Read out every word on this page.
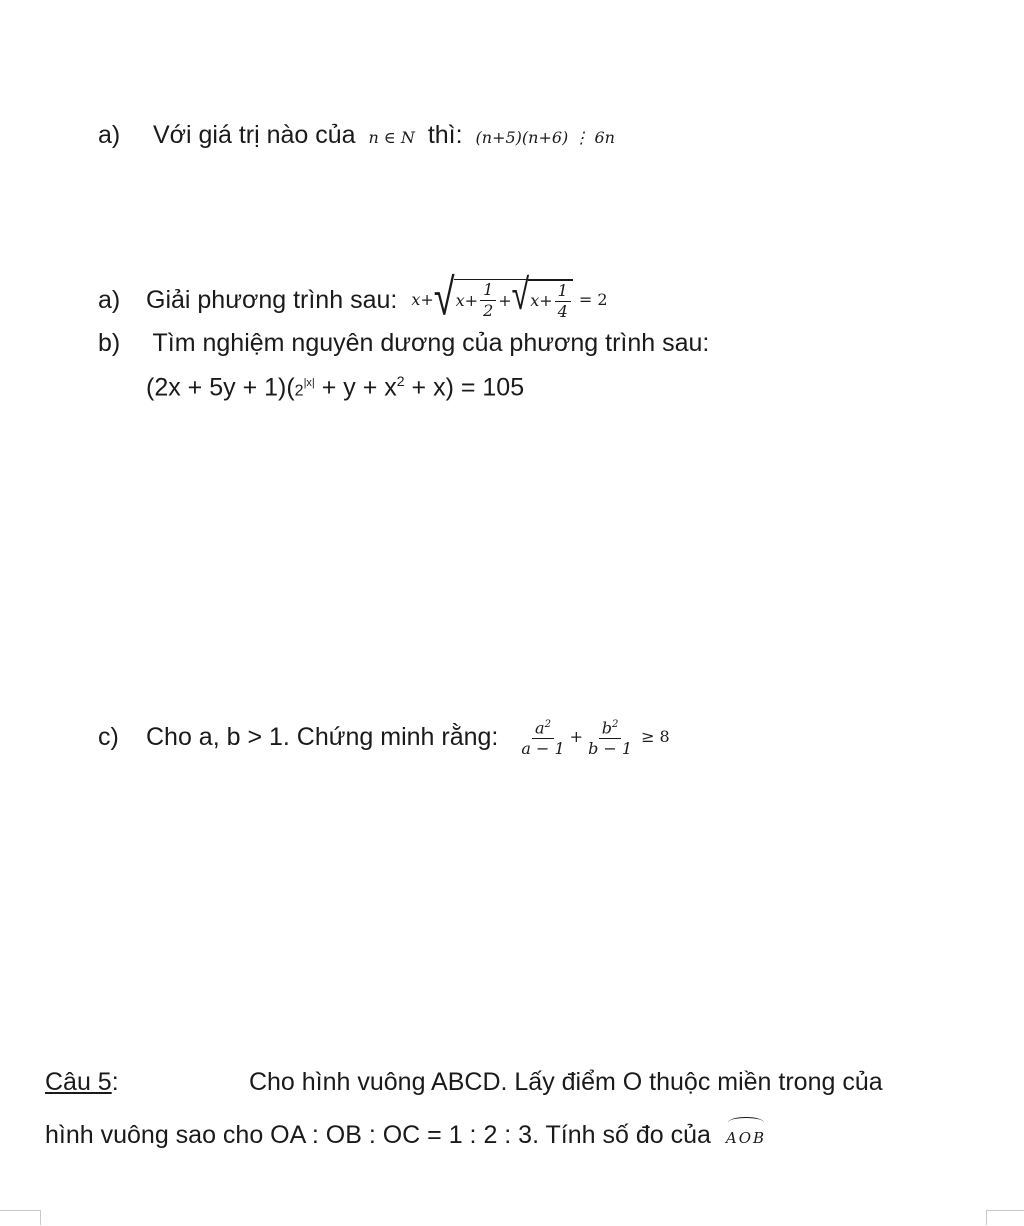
a) Với giá trị nào của n ∈ N thì: (n+5)(n+6) ⋮ 6n
a)	Giải phương trình sau: x+ √ $x+ \frac{1}{2}$ + √ $x+ \frac{1}{4} = 2$
b) Tìm nghiệm nguyên dương của phương trình sau:
$(2x + 5y + 1)(2^{|x|} + y + x^2 + x) = 105$
c)	Cho a, b > 1. Chứng minh rằng: $\frac{a^2}{a - 1} + \frac{b^2}{b - 1} \ge 8$
Câu 5:	Cho hình vuông ABCD. Lấy điểm O thuộc miền trong của
hình vuông sao cho OA : OB : OC = 1 : 2 : 3. Tính số đo của AOB
